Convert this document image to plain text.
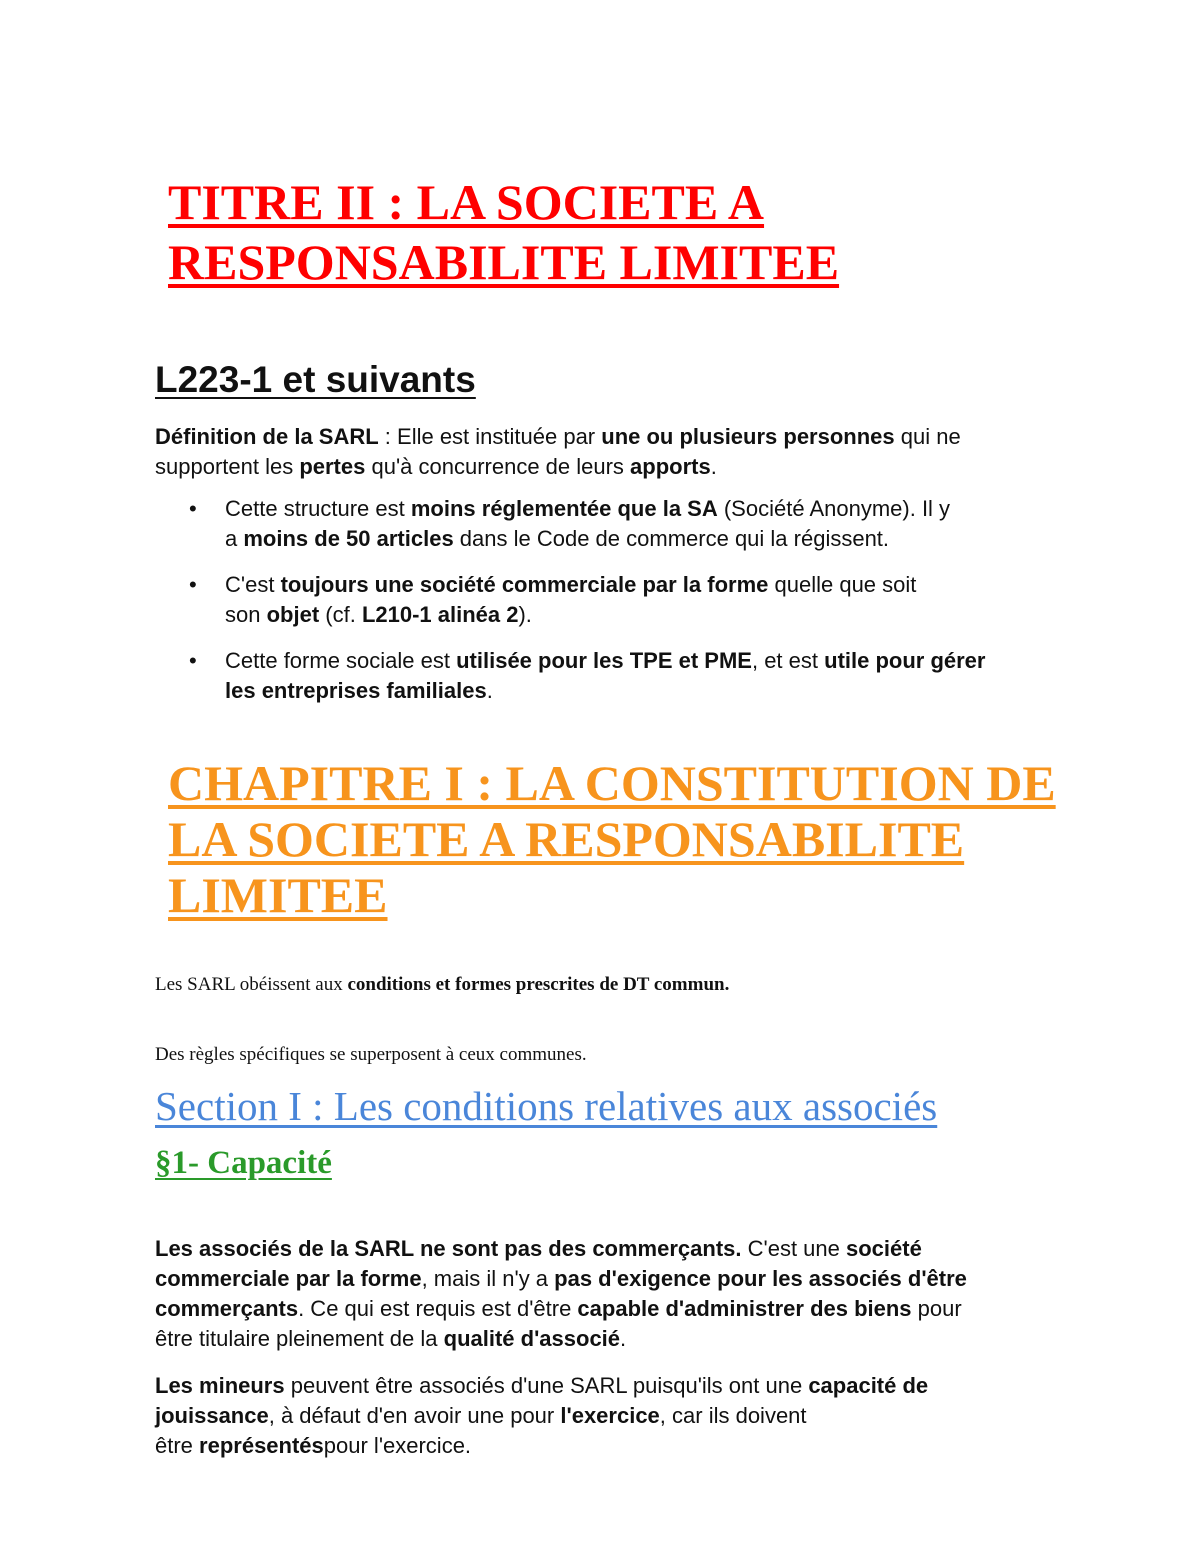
TITRE II : LA SOCIETE A
RESPONSABILITE LIMITEE
L223-1 et suivants

Définition de la SARL : Elle est instituée par une ou plusieurs personnes qui ne
supportent les pertes qu'à concurrence de leurs apports.

• Cette structure est moins réglementée que la SA (Société Anonyme). Il y
a moins de 50 articles dans le Code de commerce qui la régissent.
• C'est toujours une société commerciale par la forme quelle que soit
son objet (cf. L210-1 alinéa 2).
• Cette forme sociale est utilisée pour les TPE et PME, et est utile pour gérer
les entreprises familiales.
CHAPITRE I : LA CONSTITUTION DE
LA SOCIETE A RESPONSABILITE
LIMITEE

Les SARL obéissent aux conditions et formes prescrites de DT commun.

Des règles spécifiques se superposent à ceux communes.

Section I : Les conditions relatives aux associés
§1- Capacité

Les associés de la SARL ne sont pas des commerçants. C'est une société
commerciale par la forme, mais il n'y a pas d'exigence pour les associés d'être
commerçants. Ce qui est requis est d'être capable d'administrer des biens pour
être titulaire pleinement de la qualité d'associé.

Les mineurs peuvent être associés d'une SARL puisqu'ils ont une capacité de
jouissance, à défaut d'en avoir une pour l'exercice, car ils doivent
être représentéspour l'exercice.
